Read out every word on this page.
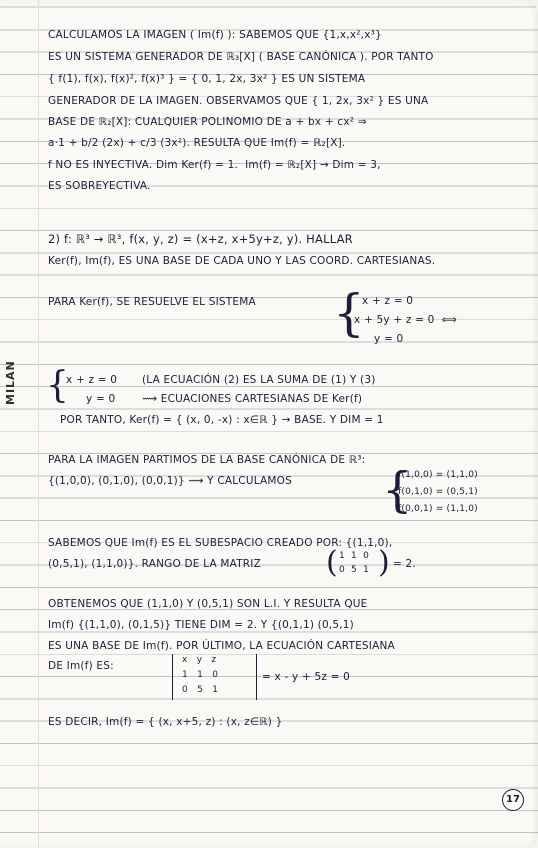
MILAN
CALCULAMOS LA IMAGEN ( Im(f) ): SABEMOS QUE {1,x,x²,x³}
ES UN SISTEMA GENERADOR DE ℝ₃[X] ( BASE CANÓNICA ). POR TANTO
{ f(1), f(x), f(x)², f(x)³ } = { 0, 1, 2x, 3x² } ES UN SISTEMA
GENERADOR DE LA IMAGEN. OBSERVAMOS QUE { 1, 2x, 3x² } ES UNA
BASE DE ℝ₂[X]: CUALQUIER POLINOMIO DE a + bx + cx² ⇒
a·1 + b/2 (2x) + c/3 (3x²). RESULTA QUE Im(f) = ℝ₂[X].
f NO ES INYECTIVA. Dim Ker(f) = 1.  Im(f) = ℝ₂[X] → Dim = 3,
ES SOBREYECTIVA.
2) f: ℝ³ → ℝ³, f(x, y, z) = (x+z, x+5y+z, y). HALLAR
Ker(f), Im(f), ES UNA BASE DE CADA UNO Y LAS COORD. CARTESIANAS.
PARA Ker(f), SE RESUELVE EL SISTEMA {
x + z = 0
x + 5y + z = 0  ⟺
y = 0
{
x + z = 0 (LA ECUACIÓN (2) ES LA SUMA DE (1) Y (3)
y = 0	⟿ ECUACIONES CARTESIANAS DE Ker(f)
POR TANTO, Ker(f) = { (x, 0, -x) : x∈ℝ } → BASE. Y DIM = 1
PARA LA IMAGEN PARTIMOS DE LA BASE CANÓNICA DE ℝ³:
{(1,0,0), (0,1,0), (0,0,1)} ⟿ Y CALCULAMOS {
f(1,0,0) = (1,1,0)
f(0,1,0) = (0,5,1)
f(0,0,1) = (1,1,0)
SABEMOS QUE Im(f) ES EL SUBESPACIO CREADO POR: {(1,1,0),
(0,5,1), (1,1,0)}. RANGO DE LA MATRIZ ( 1  1  0
0  5  1 ) = 2.
OBTENEMOS QUE (1,1,0) Y (0,5,1) SON L.I. Y RESULTA QUE
Im(f) {(1,1,0), (0,1,5)} TIENE DIM = 2. Y {(0,1,1) (0,5,1)
ES UNA BASE DE Im(f). POR ÚLTIMO, LA ECUACIÓN CARTESIANA
DE Im(f) ES:	x   y   z
1   1   0
0   5   1
= x - y + 5z = 0
ES DECIR, Im(f) = { (x, x+5, z) : (x, z∈ℝ) }
17
